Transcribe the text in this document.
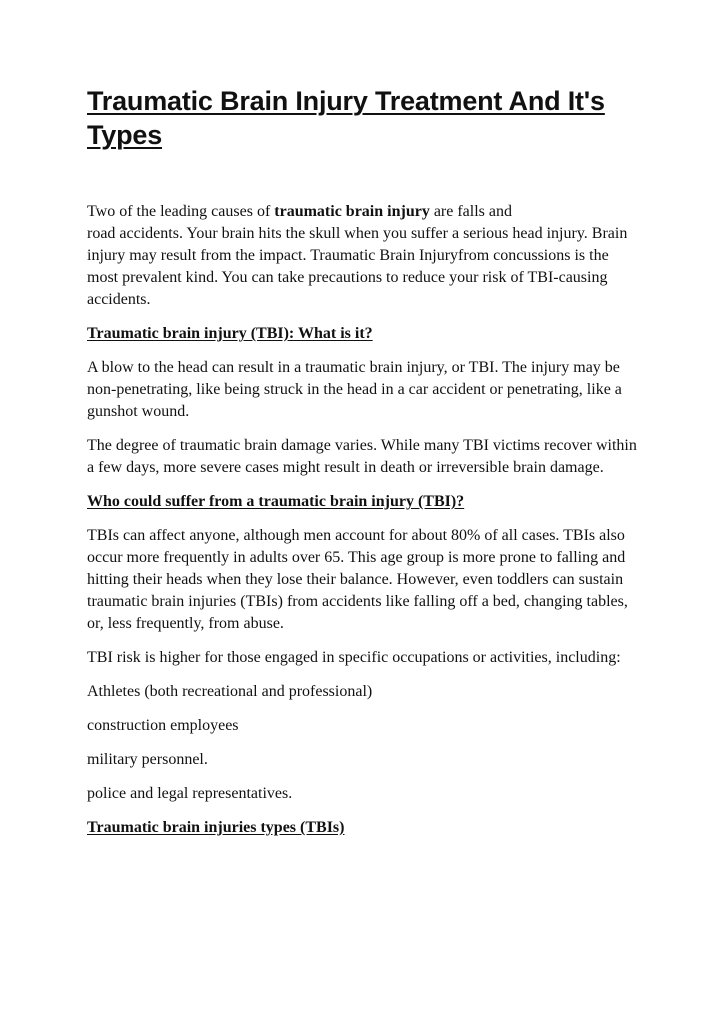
Traumatic Brain Injury Treatment And It's Types

Two of the leading causes of traumatic brain injury are falls and
road accidents. Your brain hits the skull when you suffer a serious head injury. Brain injury may result from the impact. Traumatic Brain Injuryfrom concussions is the most prevalent kind. You can take precautions to reduce your risk of TBI-causing accidents.

Traumatic brain injury (TBI): What is it?

A blow to the head can result in a traumatic brain injury, or TBI. The injury may be non-penetrating, like being struck in the head in a car accident or penetrating, like a gunshot wound.

The degree of traumatic brain damage varies. While many TBI victims recover within a few days, more severe cases might result in death or irreversible brain damage.

Who could suffer from a traumatic brain injury (TBI)?

TBIs can affect anyone, although men account for about 80% of all cases. TBIs also occur more frequently in adults over 65. This age group is more prone to falling and hitting their heads when they lose their balance. However, even toddlers can sustain traumatic brain injuries (TBIs) from accidents like falling off a bed, changing tables, or, less frequently, from abuse.

TBI risk is higher for those engaged in specific occupations or activities, including:

Athletes (both recreational and professional)

construction employees

military personnel.

police and legal representatives.

Traumatic brain injuries types (TBIs)
